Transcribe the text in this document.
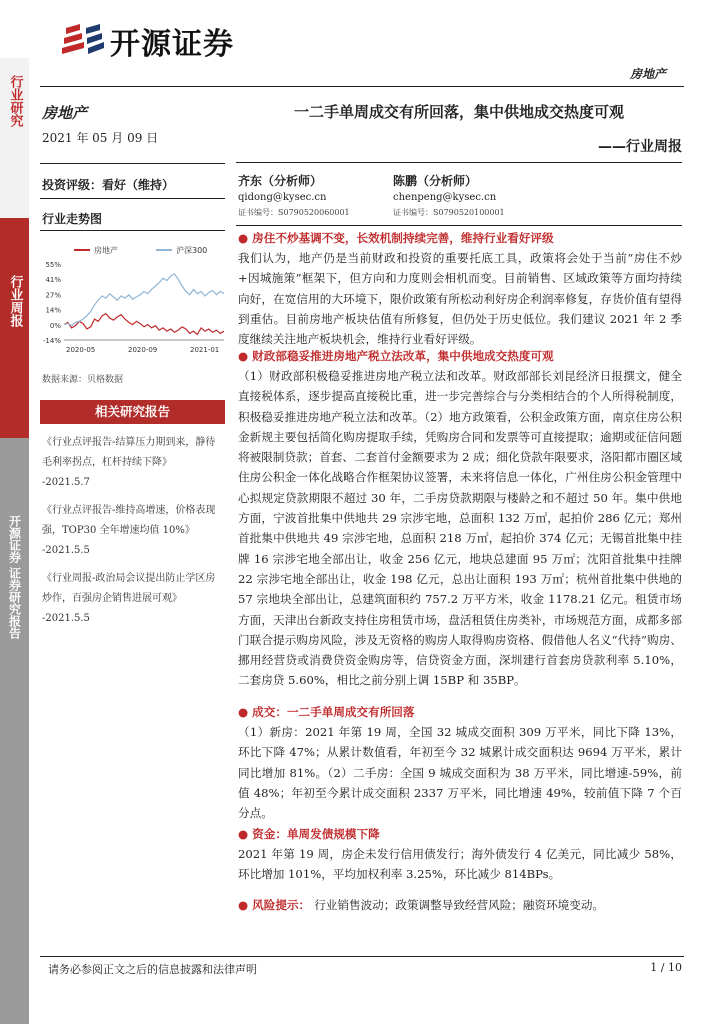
开源证券
房地产
行业研究
行业周报
开源证券 证券研究报告
房地产
2021 年 05 月 09 日
投资评级：看好（维持）
行业走势图
房地产	沪深300
55%
41%
27%
14%
0%
-14%
2020-05	2020-09	2021-01
数据来源：贝格数据
相关研究报告

《行业点评报告-结算压力期到来，静待毛利率拐点，杠杆持续下降》

-2021.5.7

《行业点评报告-维持高增速，价格表现强，TOP30 全年增速均值 10%》

-2021.5.5

《行业周报-政治局会议提出防止学区房炒作，百强房企销售进展可观》

-2021.5.5

一二手单周成交有所回落，集中供地成交热度可观
——行业周报
齐东（分析师）
qidong@kysec.cn
证书编号：S0790520060001
陈鹏（分析师）
chenpeng@kysec.cn
证书编号：S0790520100001
● 房住不炒基调不变，长效机制持续完善，维持行业看好评级

我们认为，地产仍是当前财政和投资的重要托底工具，政策将会处于当前“房住不炒+因城施策”框架下，但方向和力度则会相机而变。目前销售、区域政策等方面均持续向好，在宽信用的大环境下，限价政策有所松动利好房企利润率修复，存货价值有望得到重估。目前房地产板块估值有所修复，但仍处于历史低位。我们建议 2021 年 2 季度继续关注地产板块机会，维持行业看好评级。

● 财政部稳妥推进房地产税立法改革，集中供地成交热度可观

（1）财政部积极稳妥推进房地产税立法和改革。财政部部长刘昆经济日报撰文，健全直接税体系，逐步提高直接税比重，进一步完善综合与分类相结合的个人所得税制度，积极稳妥推进房地产税立法和改革。（2）地方政策看，公积金政策方面，南京住房公积金新规主要包括简化购房提取手续，凭购房合同和发票等可直接提取；逾期或征信问题将被限制贷款；首套、二套首付金额要求为 2 成；细化贷款年限要求，洛阳都市圈区域住房公积金一体化战略合作框架协议签署，未来将信息一体化，广州住房公积金管理中心拟规定贷款期限不超过 30 年，二手房贷款期限与楼龄之和不超过 50 年。集中供地方面，宁波首批集中供地共 29 宗涉宅地，总面积 132 万㎡，起拍价 286 亿元；郑州首批集中供地共 49 宗涉宅地，总面积 218 万㎡，起拍价 374 亿元；无锡首批集中挂牌 16 宗涉宅地全部出让，收金 256 亿元，地块总建面 95 万㎡；沈阳首批集中挂牌 22 宗涉宅地全部出让，收金 198 亿元，总出让面积 193 万㎡；杭州首批集中供地的 57 宗地块全部出让，总建筑面积约 757.2 万平方米，收金 1178.21 亿元。租赁市场方面，天津出台新政支持住房租赁市场，盘活租赁住房类补，市场规范方面，成都多部门联合提示购房风险，涉及无资格的购房人取得购房资格、假借他人名义“代持”购房、挪用经营贷或消费贷资金购房等，信贷资金方面，深圳建行首套房贷款利率 5.10%，二套房贷 5.60%，相比之前分别上调 15BP 和 35BP。

● 成交：一二手单周成交有所回落

（1）新房：2021 年第 19 周，全国 32 城成交面积 309 万平米，同比下降 13%，环比下降 47%；从累计数值看，年初至今 32 城累计成交面积达 9694 万平米，累计同比增加 81%。（2）二手房：全国 9 城成交面积为 38 万平米，同比增速-59%，前值 48%；年初至今累计成交面积 2337 万平米，同比增速 49%，较前值下降 7 个百分点。

● 资金：单周发债规模下降

2021 年第 19 周，房企未发行信用债发行；海外债发行 4 亿美元，同比减少 58%，环比增加 101%，平均加权利率 3.25%，环比减少 814BPs。

● 风险提示： 行业销售波动；政策调整导致经营风险；融资环境变动。
请务必参阅正文之后的信息披露和法律声明	1 / 10
